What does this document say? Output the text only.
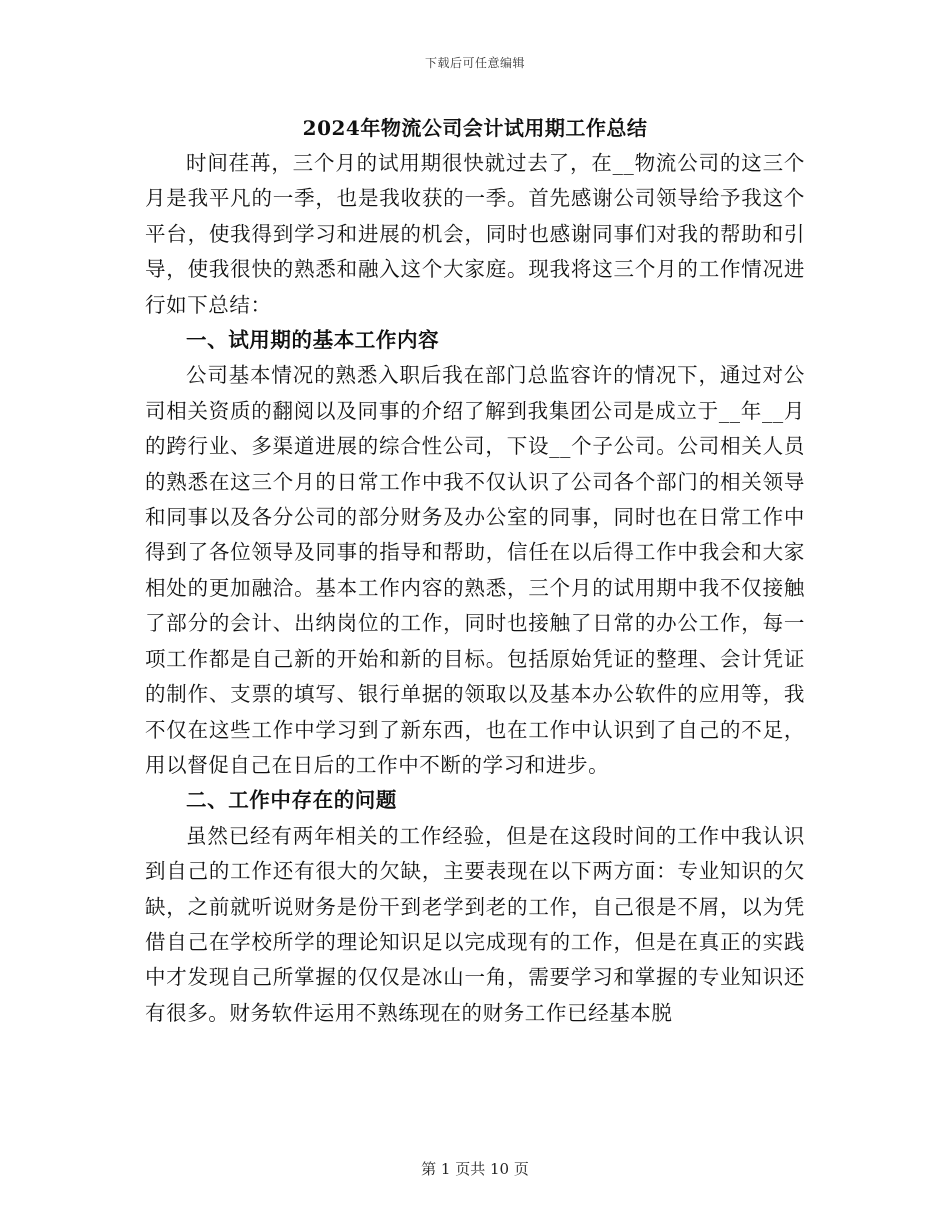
下载后可任意编辑
2024年物流公司会计试用期工作总结

时间荏苒，三个月的试用期很快就过去了，在__物流公司的这三个月是我平凡的一季，也是我收获的一季。首先感谢公司领导给予我这个平台，使我得到学习和进展的机会，同时也感谢同事们对我的帮助和引导，使我很快的熟悉和融入这个大家庭。现我将这三个月的工作情况进行如下总结：

一、试用期的基本工作内容

公司基本情况的熟悉入职后我在部门总监容许的情况下，通过对公司相关资质的翻阅以及同事的介绍了解到我集团公司是成立于__年__月的跨行业、多渠道进展的综合性公司，下设__个子公司。公司相关人员的熟悉在这三个月的日常工作中我不仅认识了公司各个部门的相关领导和同事以及各分公司的部分财务及办公室的同事，同时也在日常工作中得到了各位领导及同事的指导和帮助，信任在以后得工作中我会和大家相处的更加融洽。基本工作内容的熟悉，三个月的试用期中我不仅接触了部分的会计、出纳岗位的工作，同时也接触了日常的办公工作，每一项工作都是自己新的开始和新的目标。包括原始凭证的整理、会计凭证的制作、支票的填写、银行单据的领取以及基本办公软件的应用等，我不仅在这些工作中学习到了新东西，也在工作中认识到了自己的不足，用以督促自己在日后的工作中不断的学习和进步。

二、工作中存在的问题

虽然已经有两年相关的工作经验，但是在这段时间的工作中我认识到自己的工作还有很大的欠缺，主要表现在以下两方面：专业知识的欠缺，之前就听说财务是份干到老学到老的工作，自己很是不屑，以为凭借自己在学校所学的理论知识足以完成现有的工作，但是在真正的实践中才发现自己所掌握的仅仅是冰山一角，需要学习和掌握的专业知识还有很多。财务软件运用不熟练现在的财务工作已经基本脱

第 1 页共 10 页
